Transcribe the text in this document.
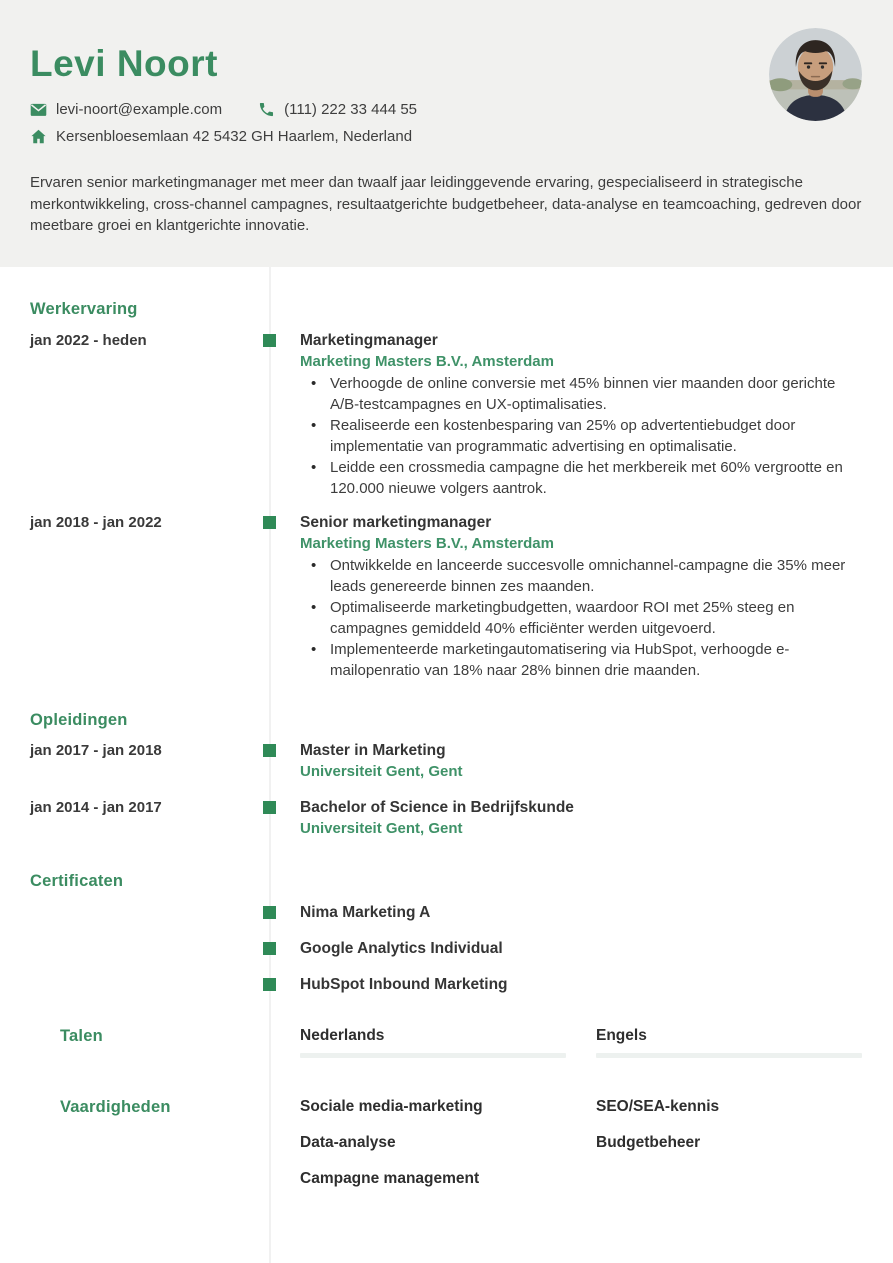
Levi Noort
levi-noort@example.com	(111) 222 33 444 55
Kersenbloesemlaan 42 5432 GH Haarlem, Nederland

Ervaren senior marketingmanager met meer dan twaalf jaar leidinggevende ervaring, gespecialiseerd in strategische merkontwikkeling, cross-channel campagnes, resultaatgerichte budgetbeheer, data-analyse en teamcoaching, gedreven door meetbare groei en klantgerichte innovatie.

Werkervaring
jan 2022 - heden	Marketingmanager
Marketing Masters B.V., Amsterdam
• Verhoogde de online conversie met 45% binnen vier maanden door gerichte A/B-testcampagnes en UX-optimalisaties.
• Realiseerde een kostenbesparing van 25% op advertentiebudget door implementatie van programmatic advertising en optimalisatie.
• Leidde een crossmedia campagne die het merkbereik met 60% vergrootte en 120.000 nieuwe volgers aantrok.
jan 2018 - jan 2022	Senior marketingmanager
Marketing Masters B.V., Amsterdam
• Ontwikkelde en lanceerde succesvolle omnichannel-campagne die 35% meer leads genereerde binnen zes maanden.
• Optimaliseerde marketingbudgetten, waardoor ROI met 25% steeg en campagnes gemiddeld 40% efficiënter werden uitgevoerd.
• Implementeerde marketingautomatisering via HubSpot, verhoogde e-mailopenratio van 18% naar 28% binnen drie maanden.
Opleidingen
jan 2017 - jan 2018	Master in Marketing
Universiteit Gent, Gent
jan 2014 - jan 2017	Bachelor of Science in Bedrijfskunde
Universiteit Gent, Gent
Certificaten
Nima Marketing A
Google Analytics Individual
HubSpot Inbound Marketing
Talen	Nederlands	Engels
Vaardigheden	Sociale media-marketing	SEO/SEA-kennis
Data-analyse	Budgetbeheer
Campagne management
